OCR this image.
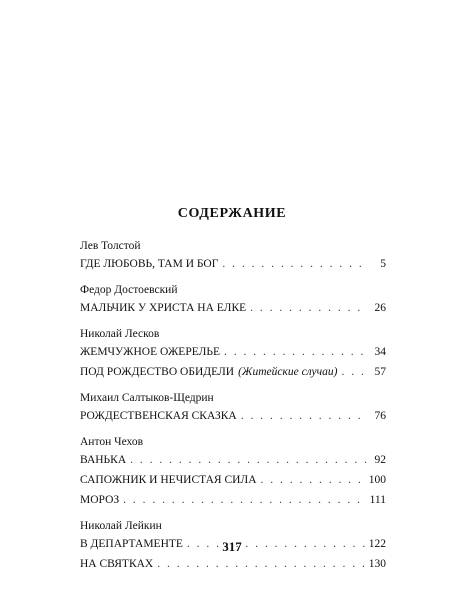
СОДЕРЖАНИЕ
Лев Толстой
ГДЕ ЛЮБОВЬ, ТАМ И БОГ . . .	5
Федор Достоевский
МАЛЬЧИК У ХРИСТА НА ЕЛКЕ . . .	26
Николай Лесков
ЖЕМЧУЖНОЕ ОЖЕРЕЛЬЕ . . .	34
ПОД РОЖДЕСТВО ОБИДЕЛИ (Житейские случаи) . . .	57
Михаил Салтыков-Щедрин
РОЖДЕСТВЕНСКАЯ СКАЗКА . . .	76
Антон Чехов
ВАНЬКА . . .	92
САПОЖНИК И НЕЧИСТАЯ СИЛА . . .	100
МОРОЗ . . .	111
Николай Лейкин
В ДЕПАРТАМЕНТЕ . . .	122
НА СВЯТКАХ . . .	130
317
